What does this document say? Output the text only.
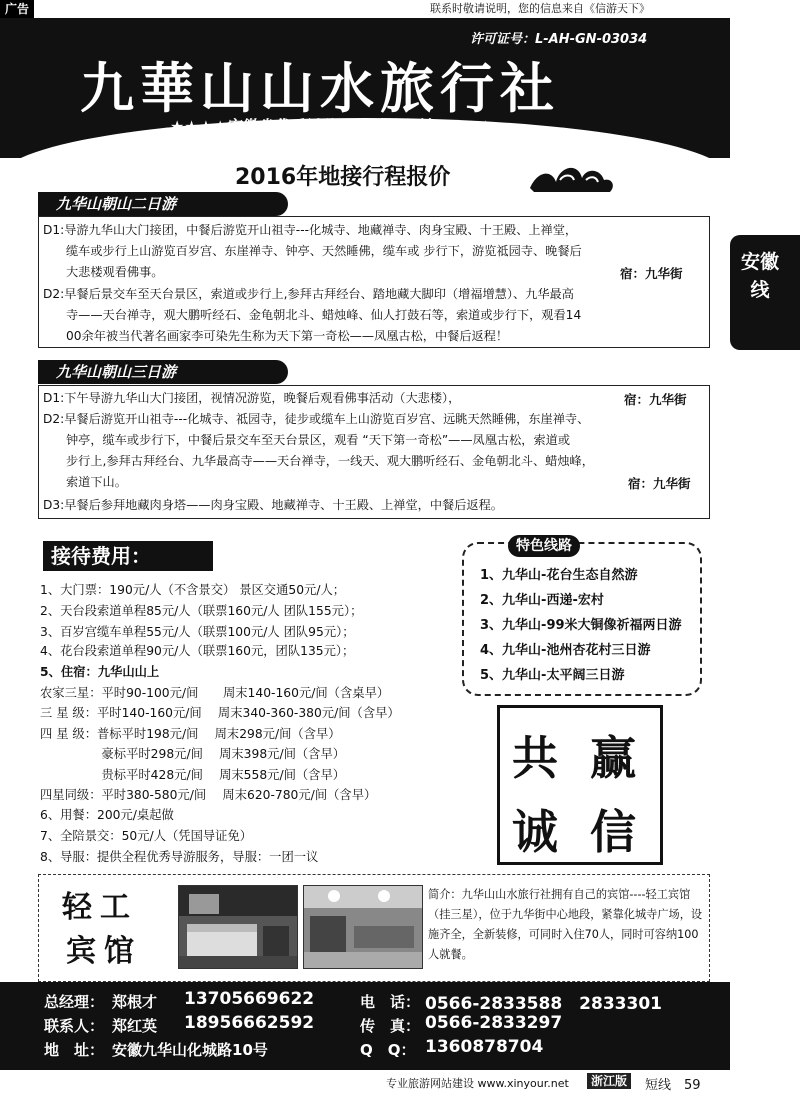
广告	联系时敬请说明，您的信息来自《信游天下》
许可证号：L-AH-GN-03034
九華山山水旅行社
★★★★安徽省优秀诚信四星级旅行社★★★★
2016年地接行程报价
安徽线
九华山朝山二日游
D1:导游九华山大门接团，中餐后游览开山祖寺---化城寺、地藏禅寺、肉身宝殿、十王殿、上禅堂，
缆车或步行上山游览百岁宫、东崖禅寺、钟亭、天然睡佛，缆车或 步行下，游览祗园寺、晚餐后
大悲楼观看佛事。	宿：九华街
D2:早餐后景交车至天台景区，索道或步行上,参拜古拜经台、踏地藏大脚印（增福增慧）、九华最高
寺——天台禅寺，观大鹏听经石、金龟朝北斗、蜡烛峰、仙人打鼓石等，索道或步行下，观看14
00余年被当代著名画家李可染先生称为天下第一奇松——凤凰古松，中餐后返程！
九华山朝山三日游
D1:下午导游九华山大门接团，视情况游览，晚餐后观看佛事活动（大悲楼），	宿：九华街
D2:早餐后游览开山祖寺---化城寺、祗园寺，徒步或缆车上山游览百岁宫、远眺天然睡佛，东崖禅寺、
钟亭，缆车或步行下，中餐后景交车至天台景区，观看 “天下第一奇松”——凤凰古松，索道或
步行上,参拜古拜经台、九华最高寺——天台禅寺，一线天、观大鹏听经石、金龟朝北斗、蜡烛峰，
索道下山。	宿：九华街
D3:早餐后参拜地藏肉身塔——肉身宝殿、地藏禅寺、十王殿、上禅堂，中餐后返程。
接待费用：
1、大门票：190元/人（不含景交） 景区交通50元/人；
2、天台段索道单程85元/人（联票160元/人 团队155元）；
3、百岁宫缆车单程55元/人（联票100元/人 团队95元）；
4、花台段索道单程90元/人（联票160元，团队135元）；
5、住宿：九华山山上
农家三星：平时90-100元/间　　周末140-160元/间（含桌早）
三 星 级：平时140-160元/间　 周末340-360-380元/间（含早）
四 星 级：普标平时198元/间　 周末298元/间（含早）
　　　　　豪标平时298元/间　 周末398元/间（含早）
　　　　　贵标平时428元/间　 周末558元/间（含早）
四星同级：平时380-580元/间　 周末620-780元/间（含早）
6、用餐：200元/桌起做
7、全陪景交：50元/人（凭国导证免）
8、导服：提供全程优秀导游服务，导服：一团一议
特色线路
1、九华山-花台生态自然游
2、九华山-西递-宏村
3、九华山-99米大铜像祈福两日游
4、九华山-池州杏花村三日游
5、九华山-太平阔三日游
共 赢
诚 信
轻工
宾馆
简介：九华山山水旅行社拥有自己的宾馆----轻工宾馆（挂三星），位于九华街中心地段，紧靠化城寺广场，设施齐全，全新装修，可同时入住70人，同时可容纳100人就餐。
总经理： 郑根才 13705669622	电　话： 0566-2833588　2833301
联系人： 郑红英 18956662592	传　真： 0566-2833297
地　址： 安徽九华山化城路10号	Q　Q： 1360878704
专业旅游网站建设 www.xinyour.net	浙江版	短线　59
